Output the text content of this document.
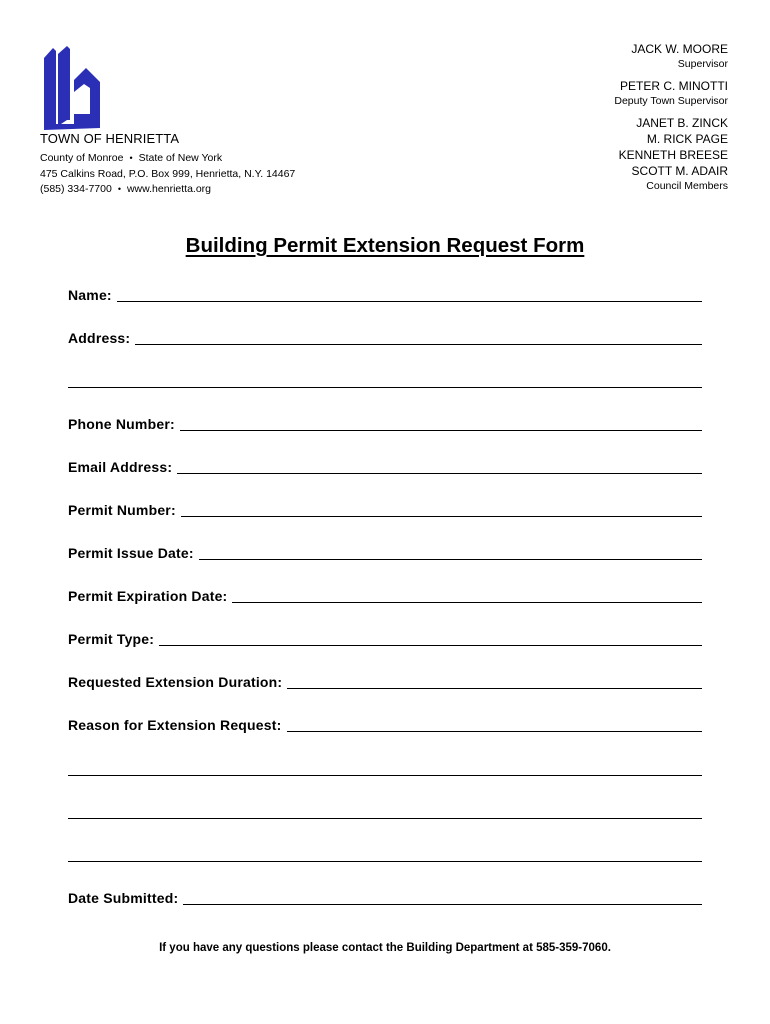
TOWN OF HENRIETTA
County of Monroe • State of New York
475 Calkins Road, P.O. Box 999, Henrietta, N.Y. 14467
(585) 334-7700 • www.henrietta.org
JACK W. MOORE
Supervisor
PETER C. MINOTTI
Deputy Town Supervisor
JANET B. ZINCK
M. RICK PAGE
KENNETH BREESE
SCOTT M. ADAIR
Council Members
Building Permit Extension Request Form
Name:
Address:
Phone Number:
Email Address:
Permit Number:
Permit Issue Date:
Permit Expiration Date:
Permit Type:
Requested Extension Duration:
Reason for Extension Request:
Date Submitted:
If you have any questions please contact the Building Department at 585-359-7060.
